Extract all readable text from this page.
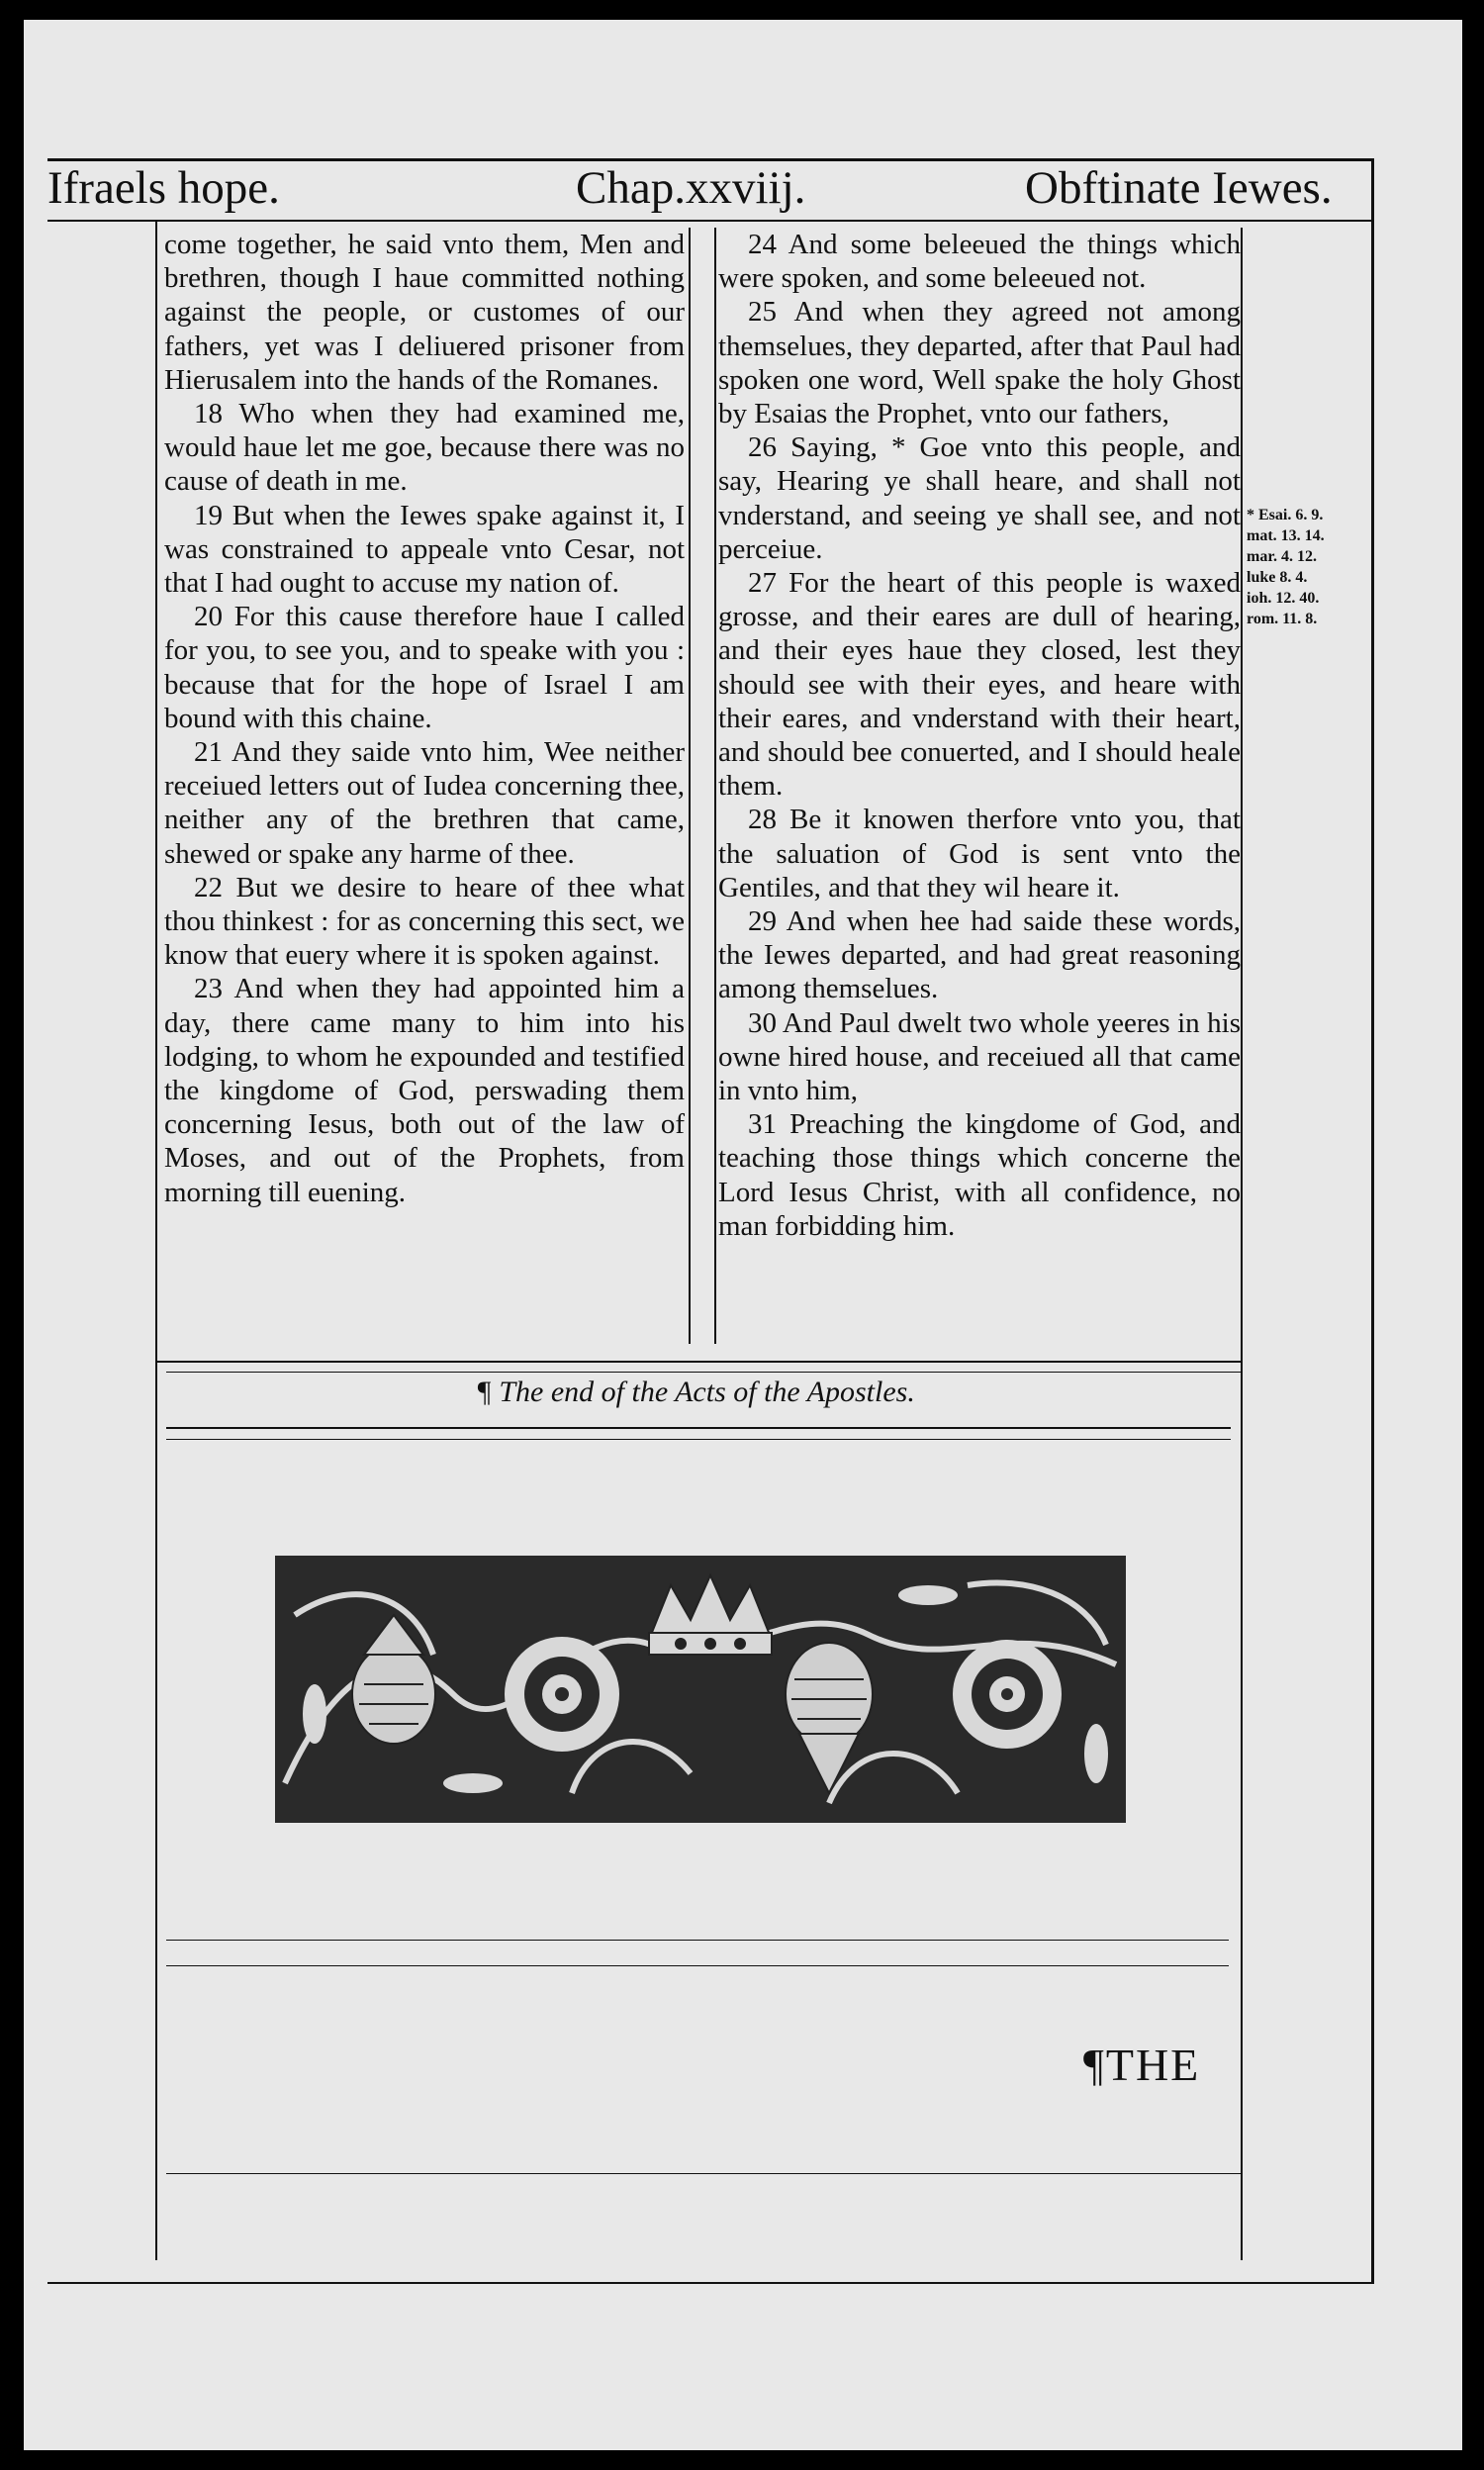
Ifraels hope.	Chap.xxviij.	Obftinate Iewes.

come together, he said vnto them, Men and brethren, though I haue committed nothing against the people, or customes of our fathers, yet was I deliuered prisoner from Hierusalem into the hands of the Romanes.

18 Who when they had examined me, would haue let me goe, because there was no cause of death in me.

19 But when the Iewes spake against it, I was constrained to appeale vnto Cesar, not that I had ought to accuse my nation of.

20 For this cause therefore haue I called for you, to see you, and to speake with you : because that for the hope of Israel I am bound with this chaine.

21 And they saide vnto him, Wee neither receiued letters out of Iudea concerning thee, neither any of the brethren that came, shewed or spake any harme of thee.

22 But we desire to heare of thee what thou thinkest : for as concerning this sect, we know that euery where it is spoken against.

23 And when they had appointed him a day, there came many to him into his lodging, to whom he expounded and testified the kingdome of God, perswading them concerning Iesus, both out of the law of Moses, and out of the Prophets, from morning till euening.

24 And some beleeued the things which were spoken, and some beleeued not.

25 And when they agreed not among themselues, they departed, after that Paul had spoken one word, Well spake the holy Ghost by Esaias the Prophet, vnto our fathers,

26 Saying, * Goe vnto this people, and say, Hearing ye shall heare, and shall not vnderstand, and seeing ye shall see, and not perceiue.

27 For the heart of this people is waxed grosse, and their eares are dull of hearing, and their eyes haue they closed, lest they should see with their eyes, and heare with their eares, and vnderstand with their heart, and should bee conuerted, and I should heale them.

28 Be it knowen therfore vnto you, that the saluation of God is sent vnto the Gentiles, and that they wil heare it.

29 And when hee had saide these words, the Iewes departed, and had great reasoning among themselues.

30 And Paul dwelt two whole yeeres in his owne hired house, and receiued all that came in vnto him,

31 Preaching the kingdome of God, and teaching those things which concerne the Lord Iesus Christ, with all confidence, no man forbidding him.

* Esai. 6. 9.
mat. 13. 14.
mar. 4. 12.
luke 8. 4.
ioh. 12. 40.
rom. 11. 8.
¶ The end of the Acts of the Apostles.
¶THE
